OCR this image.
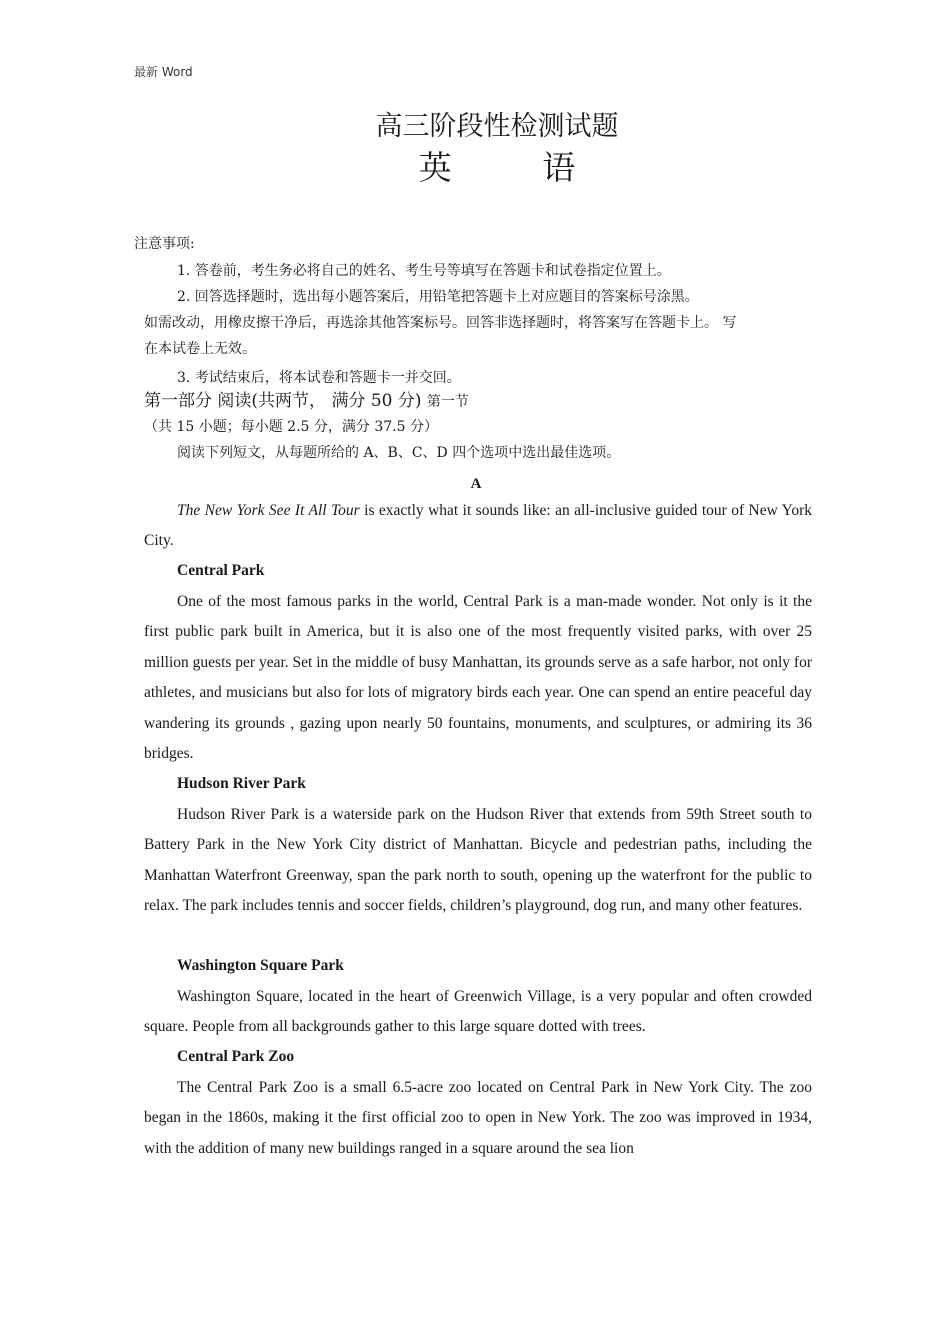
最新 Word
高三阶段性检测试题
英 语
注意事项:
1. 答卷前，考生务必将自己的姓名、考生号等填写在答题卡和试卷指定位置上。
2. 回答选择题时，选出每小题答案后，用铅笔把答题卡上对应题目的答案标号涂黑。
如需改动，用橡皮擦干净后，再选涂其他答案标号。回答非选择题时，将答案写在答题卡上。 写
在本试卷上无效。
3. 考试结束后，将本试卷和答题卡一并交回。
第一部分 阅读(共两节， 满分 50 分) 第一节
（共 15 小题；每小题 2.5 分，满分 37.5 分）
阅读下列短文，从每题所给的 A、B、C、D 四个选项中选出最佳选项。
A
The New York See It All Tour is exactly what it sounds like: an all-inclusive guided tour of New York City.
Central Park
One of the most famous parks in the world, Central Park is a man-made wonder. Not only is it the first public park built in America, but it is also one of the most frequently visited parks, with over 25 million guests per year. Set in the middle of busy Manhattan, its grounds serve as a safe harbor, not only for athletes, and musicians but also for lots of migratory birds each year. One can spend an entire peaceful day wandering its grounds , gazing upon nearly 50 fountains, monuments, and sculptures, or admiring its 36 bridges.
Hudson River Park
Hudson River Park is a waterside park on the Hudson River that extends from 59th Street south to Battery Park in the New York City district of Manhattan. Bicycle and pedestrian paths, including the Manhattan Waterfront Greenway, span the park north to south, opening up the waterfront for the public to relax. The park includes tennis and soccer fields, children’s playground, dog run, and many other features.
Washington Square Park
Washington Square, located in the heart of Greenwich Village, is a very popular and often crowded square. People from all backgrounds gather to this large square dotted with trees.
Central Park Zoo
The Central Park Zoo is a small 6.5-acre zoo located on Central Park in New York City. The zoo began in the 1860s, making it the first official zoo to open in New York. The zoo was improved in 1934, with the addition of many new buildings ranged in a square around the sea lion
